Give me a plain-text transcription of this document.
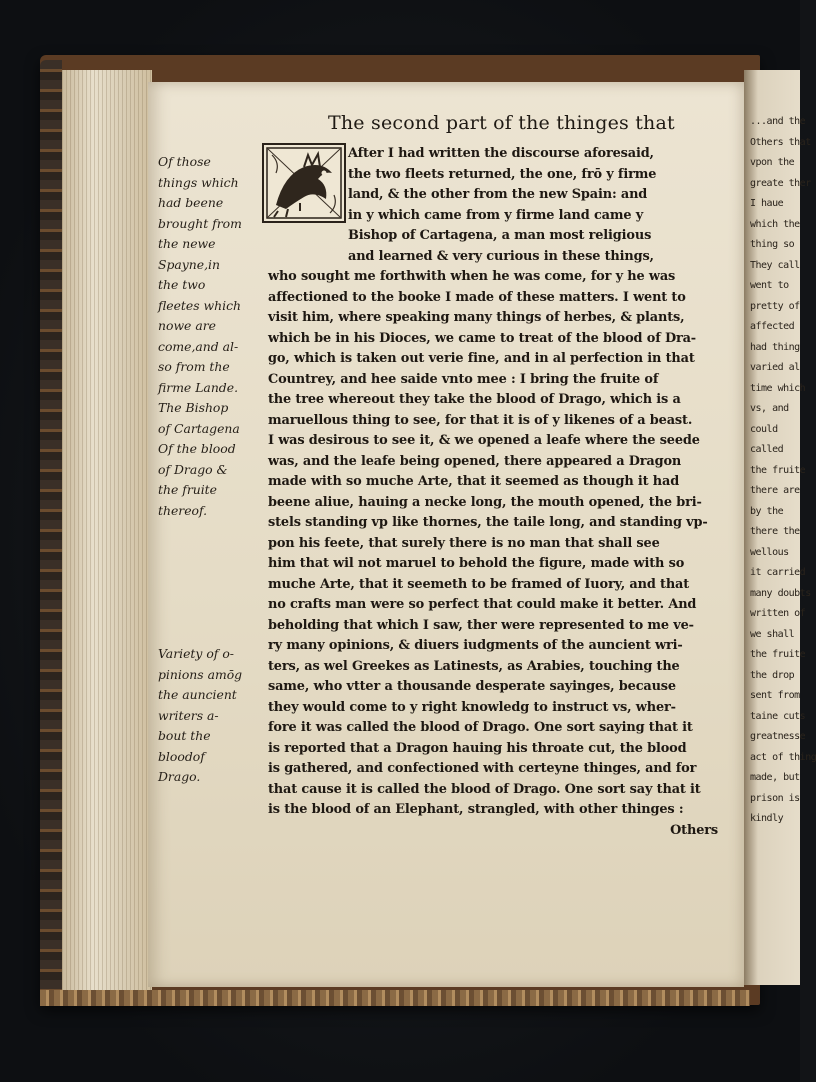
The second part of the thinges that
Of those
things which
had beene
brought from
the newe
Spayne,in
the two
fleetes which
nowe are
come,and al-
so from the
firme Lande.
The Bishop
of Cartagena
Of the blood
of Drago &
the fruite
thereof.
Variety of o-
pinions amōg
the auncient
writers a-
bout the
bloodof
Drago.
After I had written the discourse aforesaid,
the two fleets returned, the one, frō y firme
land, & the other from the new Spain: and
in y which came from y firme land came y
Bishop of Cartagena, a man most religious
and learned & very curious in these things,
who sought me forthwith when he was come, for y he was
affectioned to the booke I made of these matters. I went to
visit him, where speaking many things of herbes, & plants,
which be in his Dioces, we came to treat of the blood of Dra-
go, which is taken out verie fine, and in al perfection in that
Countrey, and hee saide vnto mee : I bring the fruite of
the tree whereout they take the blood of Drago, which is a
maruellous thing to see, for that it is of y likenes of a beast.
I was desirous to see it, & we opened a leafe where the seede
was, and the leafe being opened, there appeared a Dragon
made with so muche Arte, that it seemed as though it had
beene aliue, hauing a necke long, the mouth opened, the bri-
stels standing vp like thornes, the taile long, and standing vp-
pon his feete, that surely there is no man that shall see
him that wil not maruel to behold the figure, made with so
muche Arte, that it seemeth to be framed of Iuory, and that
no crafts man were so perfect that could make it better. And
beholding that which I saw, ther were represented to me ve-
ry many opinions, & diuers iudgments of the auncient wri-
ters, as wel Greekes as Latinests, as Arabies, touching the
same, who vtter a thousande desperate sayinges, because
they would come to y right knowledg to instruct vs, wher-
fore it was called the blood of Drago. One sort saying that it
is reported that a Dragon hauing his throate cut, the blood
is gathered, and confectioned with certeyne thinges, and for
that cause it is called the blood of Drago. One sort say that it
is the blood of an Elephant, strangled, with other thinges :
Others
...and the
Others that
vpon the
greate ther
I haue
which the
thing so
They call
went to
pretty of
affected
had thing
varied al
time which
vs, and
could
called
the fruite
there are
by the
there the
wellous
it carried
many doubts
written of
we shall
the fruite
the drop
sent from
taine cuts
greatnesse
act of thing
made, but
prison is
kindly
